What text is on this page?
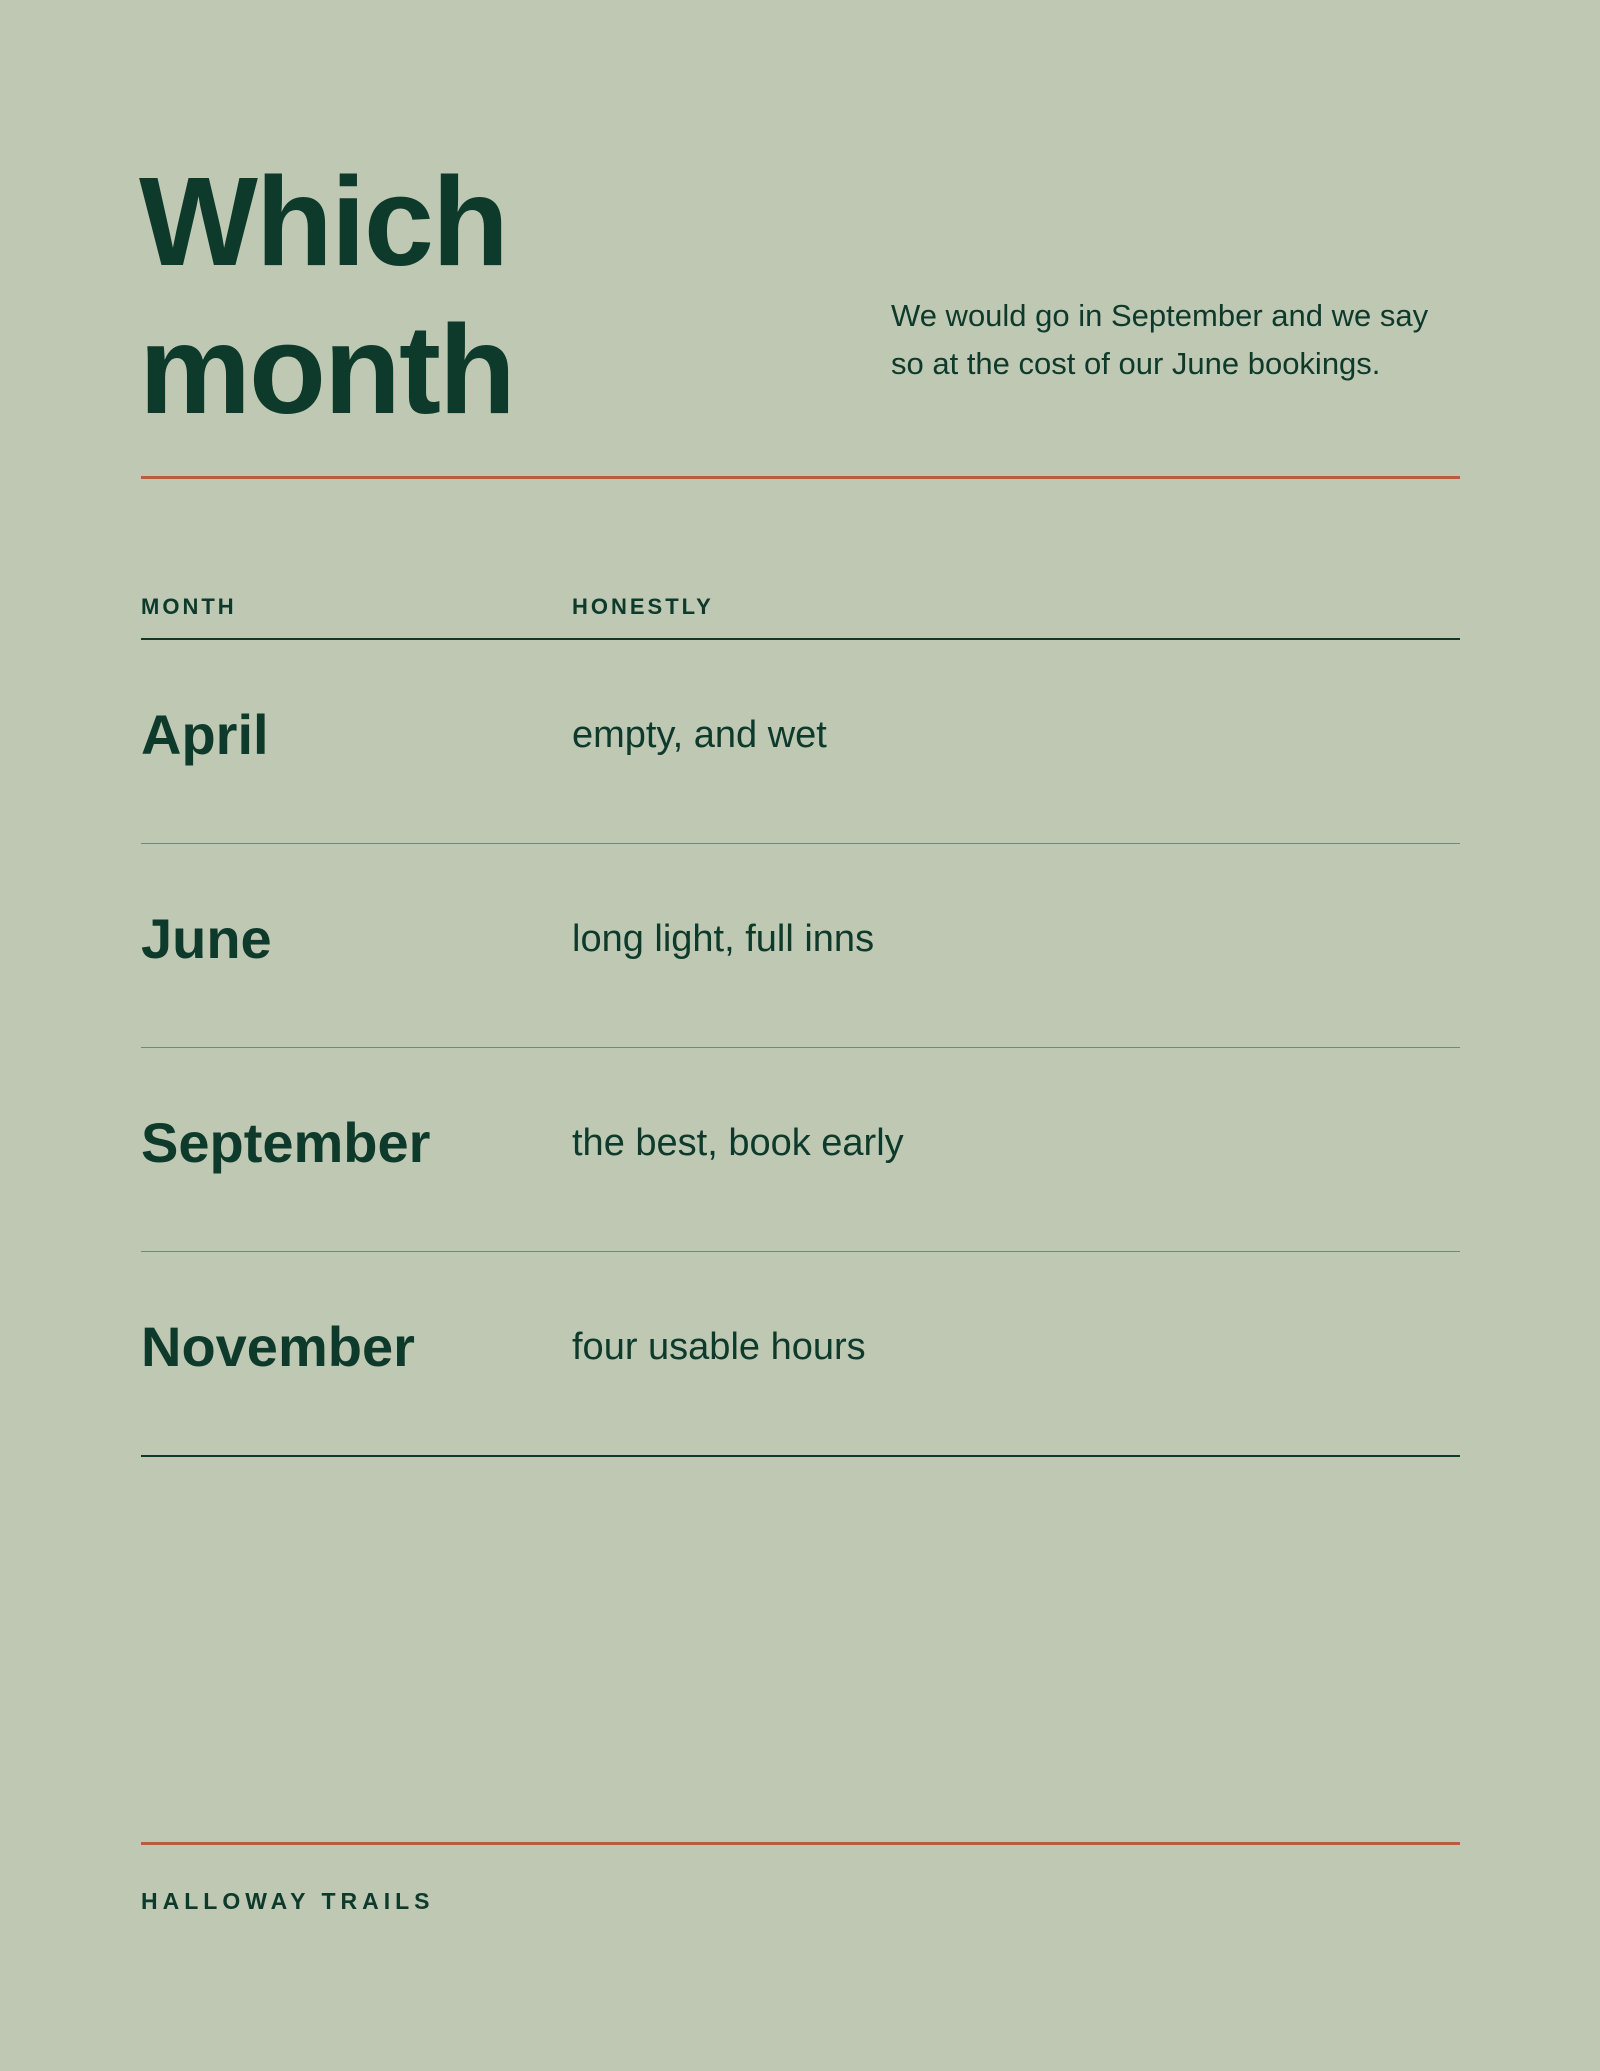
Which
month	We would go in September and we say so at the cost of our June bookings.

MONTH	HONESTLY
April	empty, and wet
June	long light, full inns
September	the best, book early
November	four usable hours
HALLOWAY TRAILS
